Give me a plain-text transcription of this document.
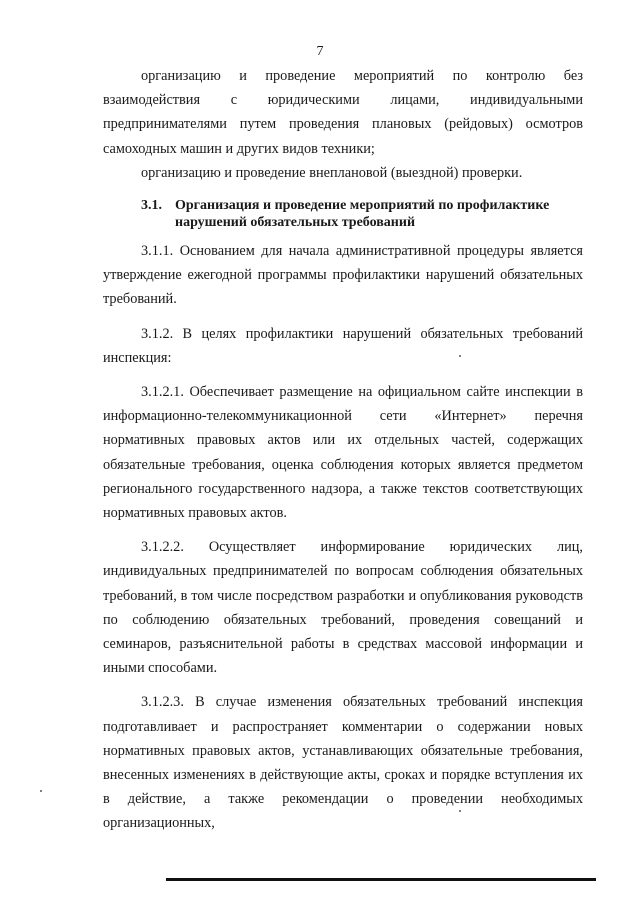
7

организацию и проведение мероприятий по контролю без взаимодействия с юридическими лицами, индивидуальными предпринимателями путем проведения плановых (рейдовых) осмотров самоходных машин и других видов техники;

организацию и проведение внеплановой (выездной) проверки.

3.1. Организация и проведение мероприятий по профилактике
нарушений обязательных требований

3.1.1. Основанием для начала административной процедуры является утверждение ежегодной программы профилактики нарушений обязательных требований.

3.1.2. В целях профилактики нарушений обязательных требований инспекция:

3.1.2.1. Обеспечивает размещение на официальном сайте инспекции в информационно-телекоммуникационной сети «Интернет» перечня нормативных правовых актов или их отдельных частей, содержащих обязательные требования, оценка соблюдения которых является предметом регионального государственного надзора, а также текстов соответствующих нормативных правовых актов.

3.1.2.2. Осуществляет информирование юридических лиц, индивидуальных предпринимателей по вопросам соблюдения обязательных требований, в том числе посредством разработки и опубликования руководств по соблюдению обязательных требований, проведения совещаний и семинаров, разъяснительной работы в средствах массовой информации и иными способами.

3.1.2.3. В случае изменения обязательных требований инспекция подготавливает и распространяет комментарии о содержании новых нормативных правовых актов, устанавливающих обязательные требования, внесенных изменениях в действующие акты, сроках и порядке вступления их в действие, а также рекомендации о проведении необходимых организационных,
